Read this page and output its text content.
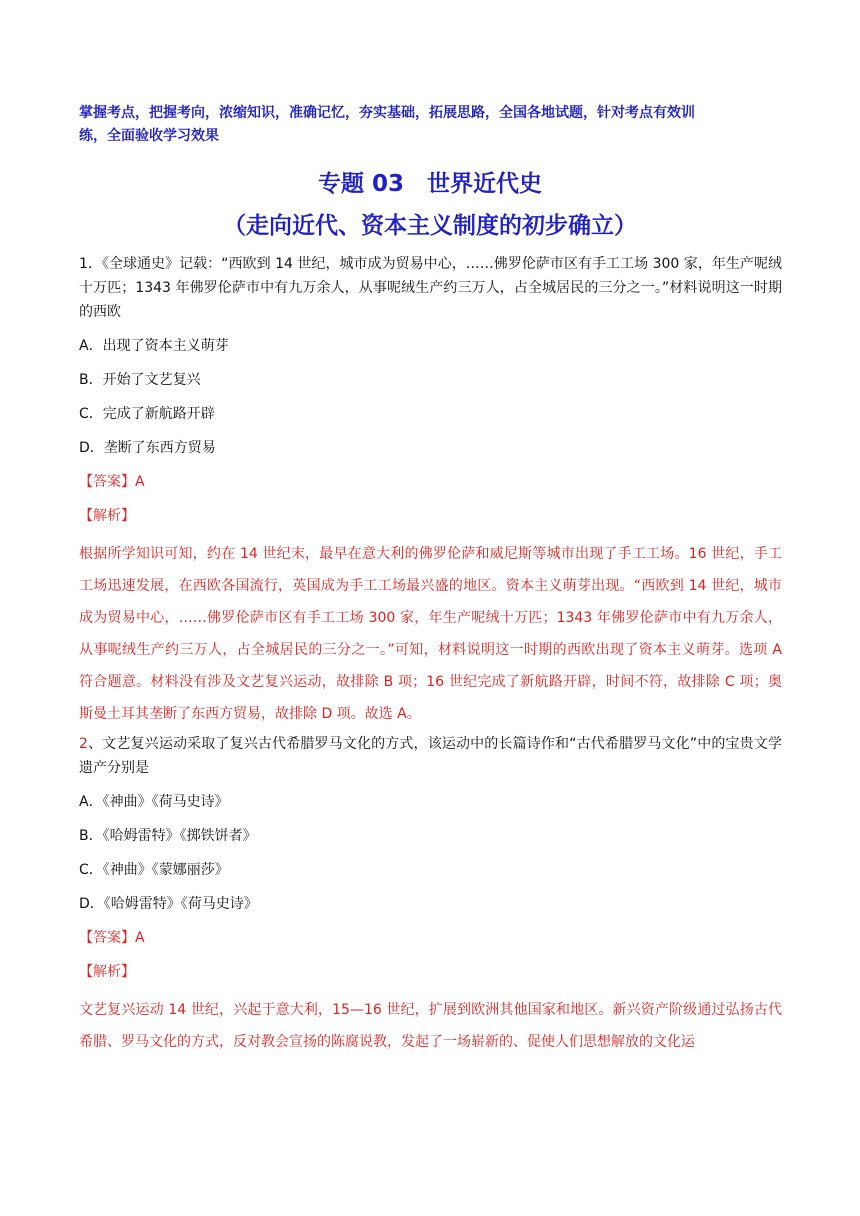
掌握考点，把握考向，浓缩知识，准确记忆，夯实基础，拓展思路，全国各地试题，针对考点有效训练，全面验收学习效果
专题 03　世界近代史
（走向近代、资本主义制度的初步确立）
1．《全球通史》记载：“西欧到 14 世纪，城市成为贸易中心，……佛罗伦萨市区有手工工场 300 家，年生产呢绒十万匹；1343 年佛罗伦萨市中有九万余人，从事呢绒生产约三万人，占全城居民的三分之一。”材料说明这一时期的西欧
A．出现了资本主义萌芽
B．开始了文艺复兴
C．完成了新航路开辟
D．垄断了东西方贸易
【答案】A
【解析】
根据所学知识可知，约在 14 世纪末，最早在意大利的佛罗伦萨和威尼斯等城市出现了手工工场。16 世纪，手工工场迅速发展，在西欧各国流行，英国成为手工工场最兴盛的地区。资本主义萌芽出现。“西欧到 14 世纪，城市成为贸易中心，……佛罗伦萨市区有手工工场 300 家，年生产呢绒十万匹；1343 年佛罗伦萨市中有九万余人，从事呢绒生产约三万人，占全城居民的三分之一。”可知，材料说明这一时期的西欧出现了资本主义萌芽。选项 A 符合题意。材料没有涉及文艺复兴运动，故排除 B 项；16 世纪完成了新航路开辟，时间不符，故排除 C 项；奥斯曼土耳其垄断了东西方贸易，故排除 D 项。故选 A。
2、文艺复兴运动采取了复兴古代希腊罗马文化的方式，该运动中的长篇诗作和“古代希腊罗马文化”中的宝贵文学遗产分别是
A．《神曲》《荷马史诗》
B．《哈姆雷特》《掷铁饼者》
C．《神曲》《蒙娜丽莎》
D．《哈姆雷特》《荷马史诗》
【答案】A
【解析】
文艺复兴运动 14 世纪，兴起于意大利，15—16 世纪，扩展到欧洲其他国家和地区。新兴资产阶级通过弘扬古代希腊、罗马文化的方式，反对教会宣扬的陈腐说教，发起了一场崭新的、促使人们思想解放的文化运
